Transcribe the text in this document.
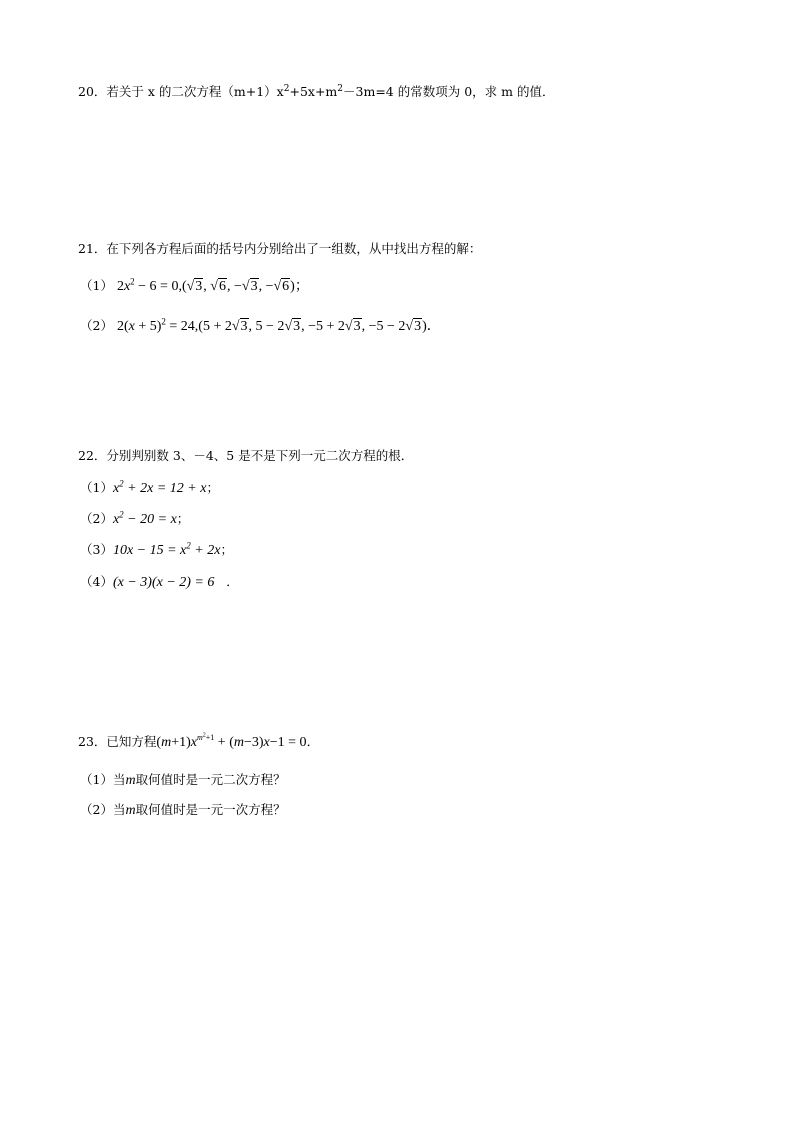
20．若关于 x 的二次方程$(m+1)x^2+5x+m^2-3m=4$ 的常数项为 0，求 m 的值．
21．在下列各方程后面的括号内分别给出了一组数，从中找出方程的解：
（1） $2x^2 - 6 = 0,(√3$, √6, −√3, −√6)；
（2） $2(x + 5)^2 = 24,(5 + 2√3$, 5 − 2√3, −5 + 2√3, −5 − 2√3)．
22．分别判别数 3、－4、5 是不是下列一元二次方程的根．
$(1)x^2 + 2x = 12 + x$；
$(2)x^2 - 20 = x$；
$(3)10x - 15 = x^2 + 2x$；
（4）(x − 3)(x − 2) = 6 ．
23．已知方程$(m+1)x^{m^2+1} + (m-3)x-1 = 0$．
（1）当m取何值时是一元二次方程？
（2）当m取何值时是一元一次方程？
